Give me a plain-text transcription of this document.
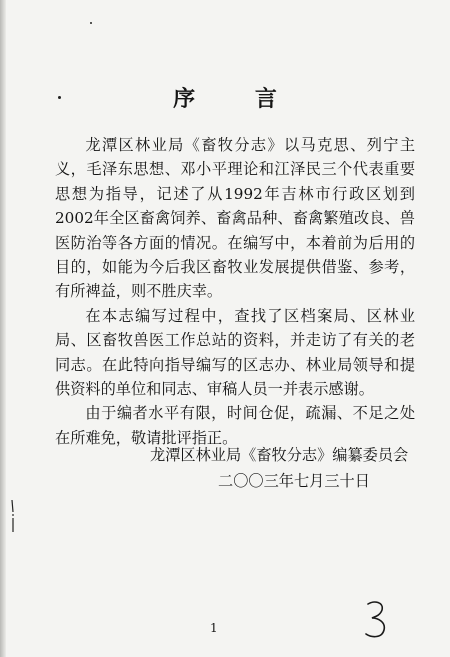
序 言

龙潭区林业局《畜牧分志》以马克思、列宁主义，毛泽东思想、邓小平理论和江泽民三个代表重要思想为指导，记述了从1992年吉林市行政区划到2002年全区畜禽饲养、畜禽品种、畜禽繁殖改良、兽医防治等各方面的情况。在编写中，本着前为后用的目的，如能为今后我区畜牧业发展提供借鉴、参考，有所裨益，则不胜庆幸。

在本志编写过程中，查找了区档案局、区林业局、区畜牧兽医工作总站的资料，并走访了有关的老同志。在此特向指导编写的区志办、林业局领导和提供资料的单位和同志、审稿人员一并表示感谢。

由于编者水平有限，时间仓促，疏漏、不足之处在所难免，敬请批评指正。

龙潭区林业局《畜牧分志》编纂委员会
二〇〇三年七月三十日
1
